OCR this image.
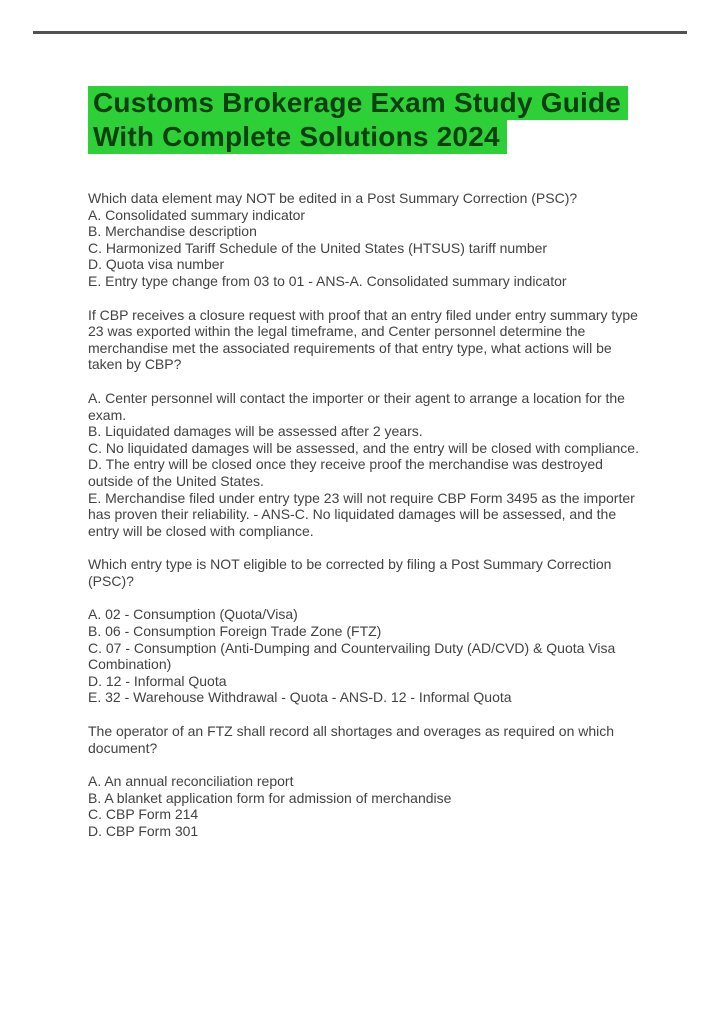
Customs Brokerage Exam Study Guide
With Complete Solutions 2024

Which data element may NOT be edited in a Post Summary Correction (PSC)?

A. Consolidated summary indicator

B. Merchandise description

C. Harmonized Tariff Schedule of the United States (HTSUS) tariff number

D. Quota visa number

E. Entry type change from 03 to 01 - ANS-A. Consolidated summary indicator

If CBP receives a closure request with proof that an entry filed under entry summary type 23 was exported within the legal timeframe, and Center personnel determine the merchandise met the associated requirements of that entry type, what actions will be taken by CBP?

A. Center personnel will contact the importer or their agent to arrange a location for the exam.

B. Liquidated damages will be assessed after 2 years.

C. No liquidated damages will be assessed, and the entry will be closed with compliance.

D. The entry will be closed once they receive proof the merchandise was destroyed outside of the United States.

E. Merchandise filed under entry type 23 will not require CBP Form 3495 as the importer has proven their reliability. - ANS-C. No liquidated damages will be assessed, and the entry will be closed with compliance.

Which entry type is NOT eligible to be corrected by filing a Post Summary Correction (PSC)?

A. 02 - Consumption (Quota/Visa)

B. 06 - Consumption Foreign Trade Zone (FTZ)

C. 07 - Consumption (Anti-Dumping and Countervailing Duty (AD/CVD) & Quota Visa Combination)

D. 12 - Informal Quota

E. 32 - Warehouse Withdrawal - Quota - ANS-D. 12 - Informal Quota

The operator of an FTZ shall record all shortages and overages as required on which document?

A. An annual reconciliation report

B. A blanket application form for admission of merchandise

C. CBP Form 214

D. CBP Form 301
